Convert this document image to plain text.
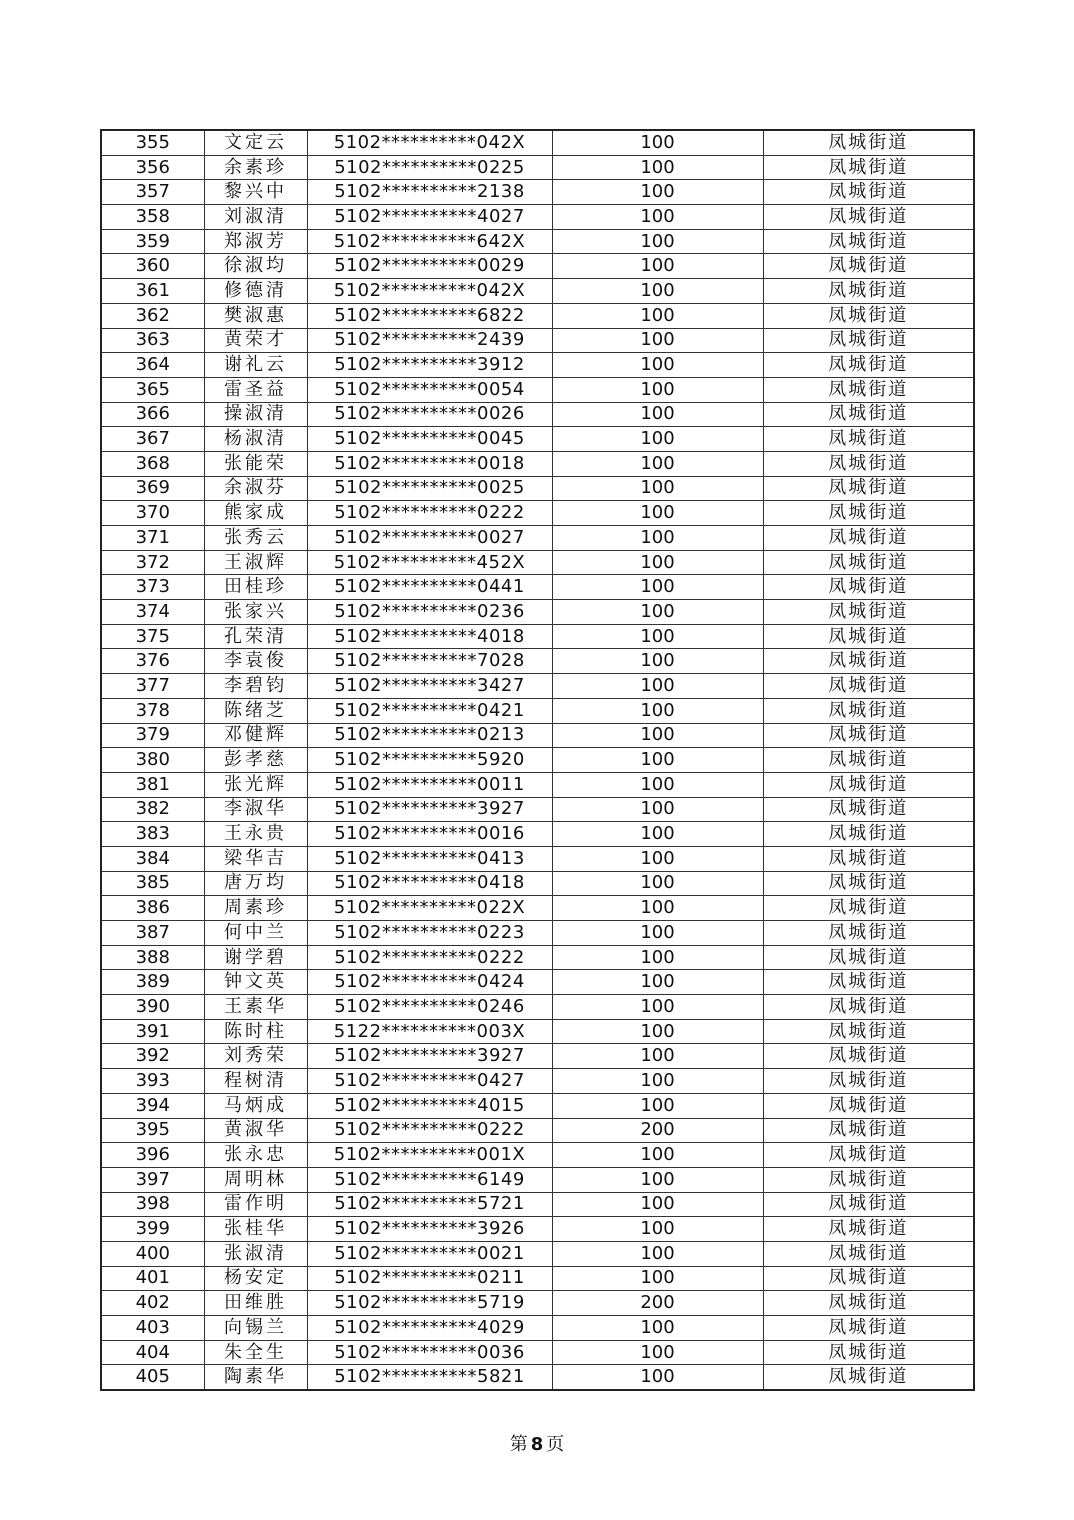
355	文定云	5102**********042X	100	凤城街道
356	余素珍	5102**********0225	100	凤城街道
357	黎兴中	5102**********2138	100	凤城街道
358	刘淑清	5102**********4027	100	凤城街道
359	郑淑芳	5102**********642X	100	凤城街道
360	徐淑均	5102**********0029	100	凤城街道
361	修德清	5102**********042X	100	凤城街道
362	樊淑惠	5102**********6822	100	凤城街道
363	黄荣才	5102**********2439	100	凤城街道
364	谢礼云	5102**********3912	100	凤城街道
365	雷圣益	5102**********0054	100	凤城街道
366	操淑清	5102**********0026	100	凤城街道
367	杨淑清	5102**********0045	100	凤城街道
368	张能荣	5102**********0018	100	凤城街道
369	余淑芬	5102**********0025	100	凤城街道
370	熊家成	5102**********0222	100	凤城街道
371	张秀云	5102**********0027	100	凤城街道
372	王淑辉	5102**********452X	100	凤城街道
373	田桂珍	5102**********0441	100	凤城街道
374	张家兴	5102**********0236	100	凤城街道
375	孔荣清	5102**********4018	100	凤城街道
376	李袁俊	5102**********7028	100	凤城街道
377	李碧钧	5102**********3427	100	凤城街道
378	陈绪芝	5102**********0421	100	凤城街道
379	邓健辉	5102**********0213	100	凤城街道
380	彭孝慈	5102**********5920	100	凤城街道
381	张光辉	5102**********0011	100	凤城街道
382	李淑华	5102**********3927	100	凤城街道
383	王永贵	5102**********0016	100	凤城街道
384	梁华吉	5102**********0413	100	凤城街道
385	唐万均	5102**********0418	100	凤城街道
386	周素珍	5102**********022X	100	凤城街道
387	何中兰	5102**********0223	100	凤城街道
388	谢学碧	5102**********0222	100	凤城街道
389	钟文英	5102**********0424	100	凤城街道
390	王素华	5102**********0246	100	凤城街道
391	陈时柱	5122**********003X	100	凤城街道
392	刘秀荣	5102**********3927	100	凤城街道
393	程树清	5102**********0427	100	凤城街道
394	马炳成	5102**********4015	100	凤城街道
395	黄淑华	5102**********0222	200	凤城街道
396	张永忠	5102**********001X	100	凤城街道
397	周明林	5102**********6149	100	凤城街道
398	雷作明	5102**********5721	100	凤城街道
399	张桂华	5102**********3926	100	凤城街道
400	张淑清	5102**********0021	100	凤城街道
401	杨安定	5102**********0211	100	凤城街道
402	田维胜	5102**********5719	200	凤城街道
403	向锡兰	5102**********4029	100	凤城街道
404	朱全生	5102**********0036	100	凤城街道
405	陶素华	5102**********5821	100	凤城街道
第 8 页
